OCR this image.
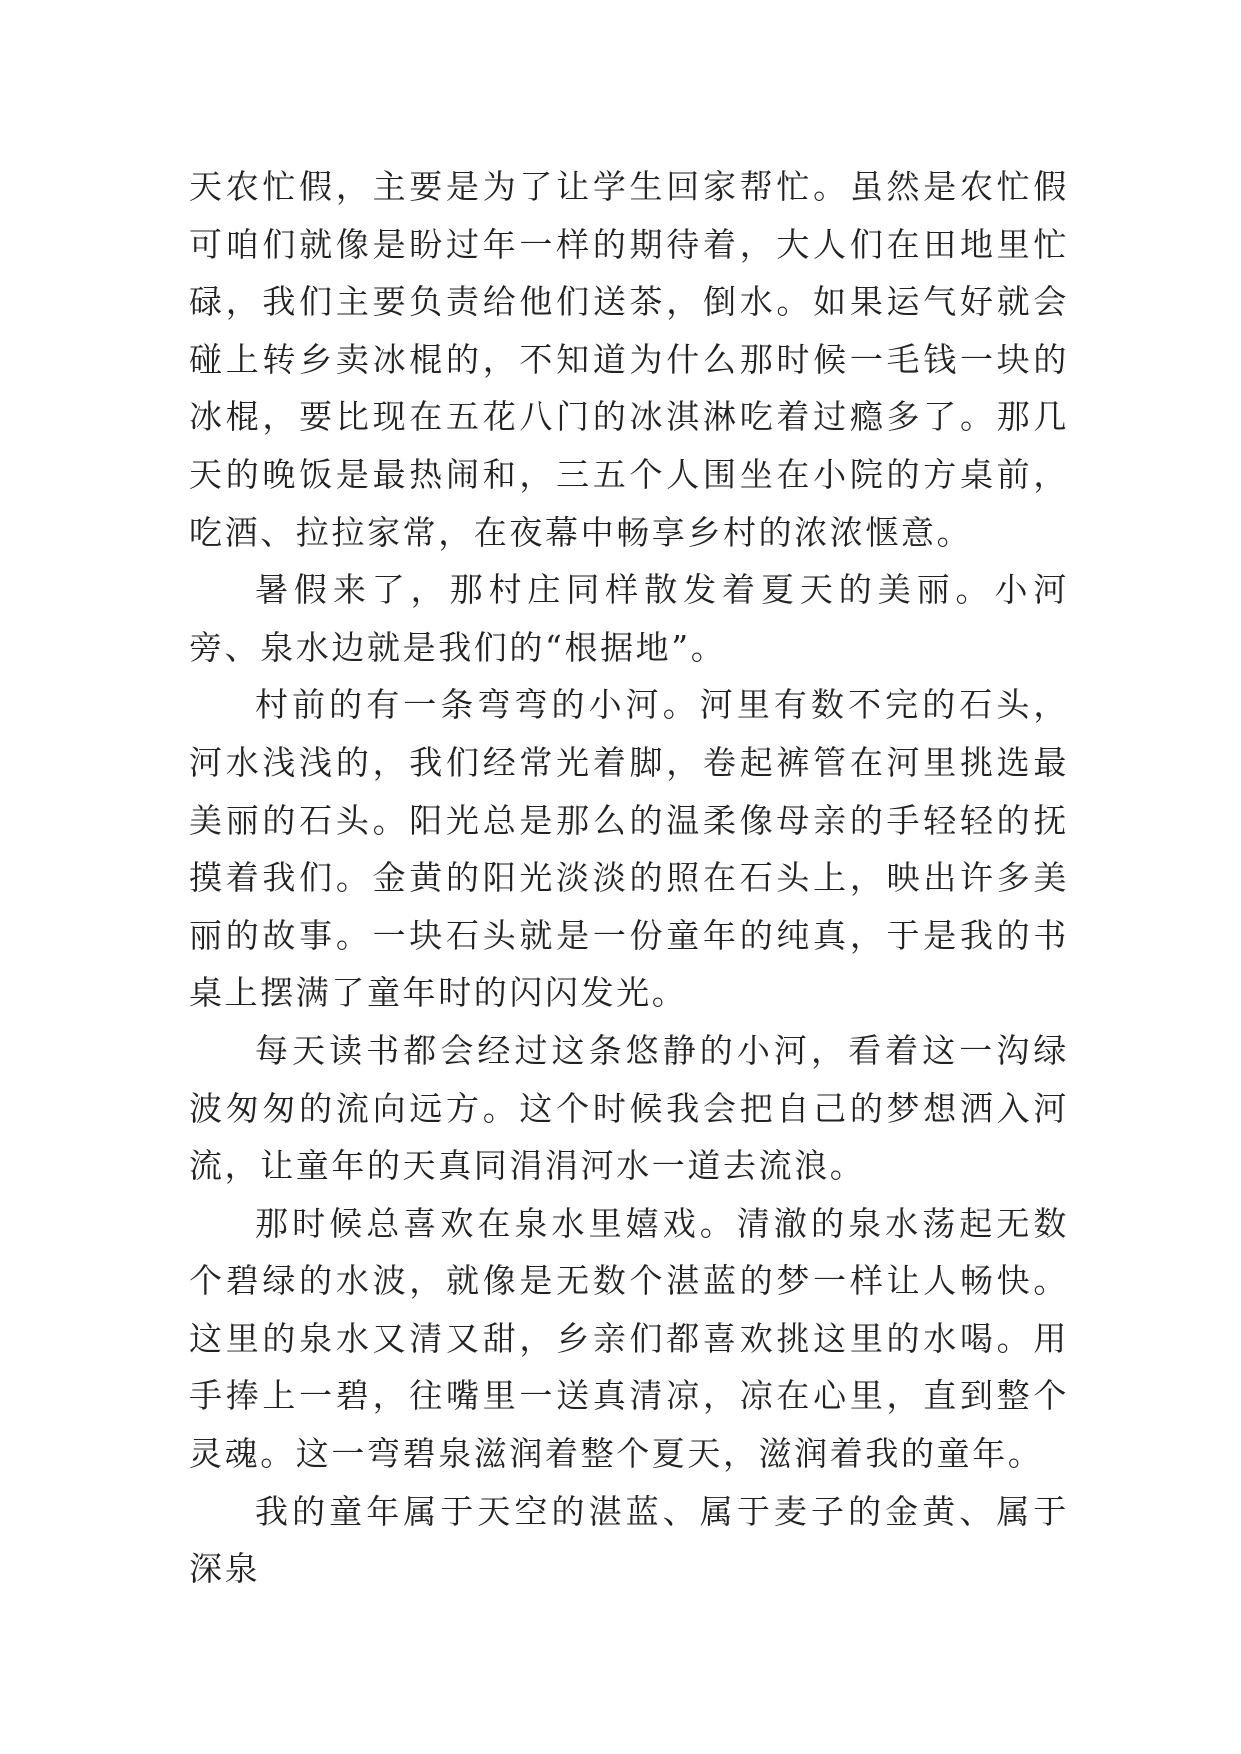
天农忙假，主要是为了让学生回家帮忙。虽然是农忙假可咱们就像是盼过年一样的期待着，大人们在田地里忙碌，我们主要负责给他们送茶，倒水。如果运气好就会碰上转乡卖冰棍的，不知道为什么那时候一毛钱一块的冰棍，要比现在五花八门的冰淇淋吃着过瘾多了。那几天的晚饭是最热闹和，三五个人围坐在小院的方桌前，吃酒、拉拉家常，在夜幕中畅享乡村的浓浓惬意。

暑假来了，那村庄同样散发着夏天的美丽。小河旁、泉水边就是我们的“根据地”。

村前的有一条弯弯的小河。河里有数不完的石头，河水浅浅的，我们经常光着脚，卷起裤管在河里挑选最美丽的石头。阳光总是那么的温柔像母亲的手轻轻的抚摸着我们。金黄的阳光淡淡的照在石头上，映出许多美丽的故事。一块石头就是一份童年的纯真，于是我的书桌上摆满了童年时的闪闪发光。

每天读书都会经过这条悠静的小河，看着这一沟绿波匆匆的流向远方。这个时候我会把自己的梦想洒入河流，让童年的天真同涓涓河水一道去流浪。

那时候总喜欢在泉水里嬉戏。清澈的泉水荡起无数个碧绿的水波，就像是无数个湛蓝的梦一样让人畅快。这里的泉水又清又甜，乡亲们都喜欢挑这里的水喝。用手捧上一碧，往嘴里一送真清凉，凉在心里，直到整个灵魂。这一弯碧泉滋润着整个夏天，滋润着我的童年。

我的童年属于天空的湛蓝、属于麦子的金黄、属于深泉
